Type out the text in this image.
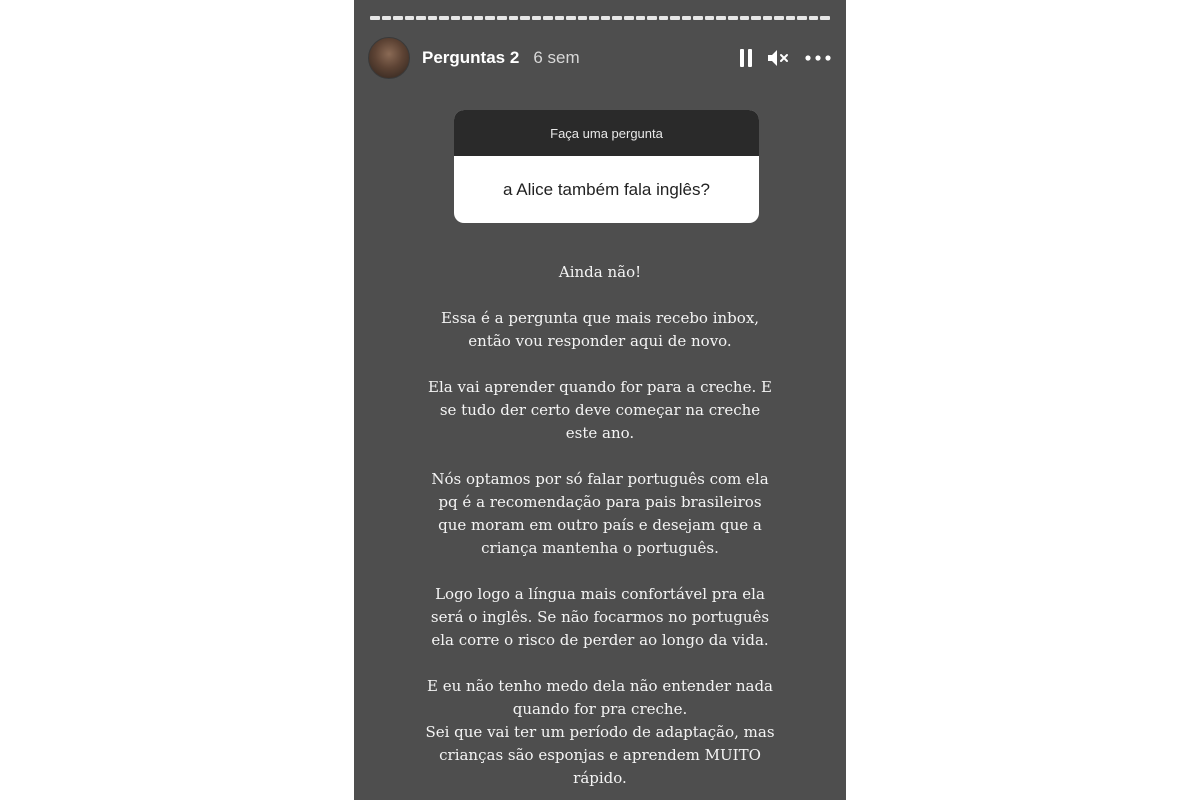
Perguntas 2 6 sem
Faça uma pergunta
a Alice também fala inglês?

Ainda não!

Essa é a pergunta que mais recebo inbox,
então vou responder aqui de novo.

Ela vai aprender quando for para a creche. E
se tudo der certo deve começar na creche
este ano.

Nós optamos por só falar português com ela
pq é a recomendação para pais brasileiros
que moram em outro país e desejam que a
criança mantenha o português.

Logo logo a língua mais confortável pra ela
será o inglês. Se não focarmos no português
ela corre o risco de perder ao longo da vida.

E eu não tenho medo dela não entender nada
quando for pra creche.
Sei que vai ter um período de adaptação, mas
crianças são esponjas e aprendem MUITO
rápido.
